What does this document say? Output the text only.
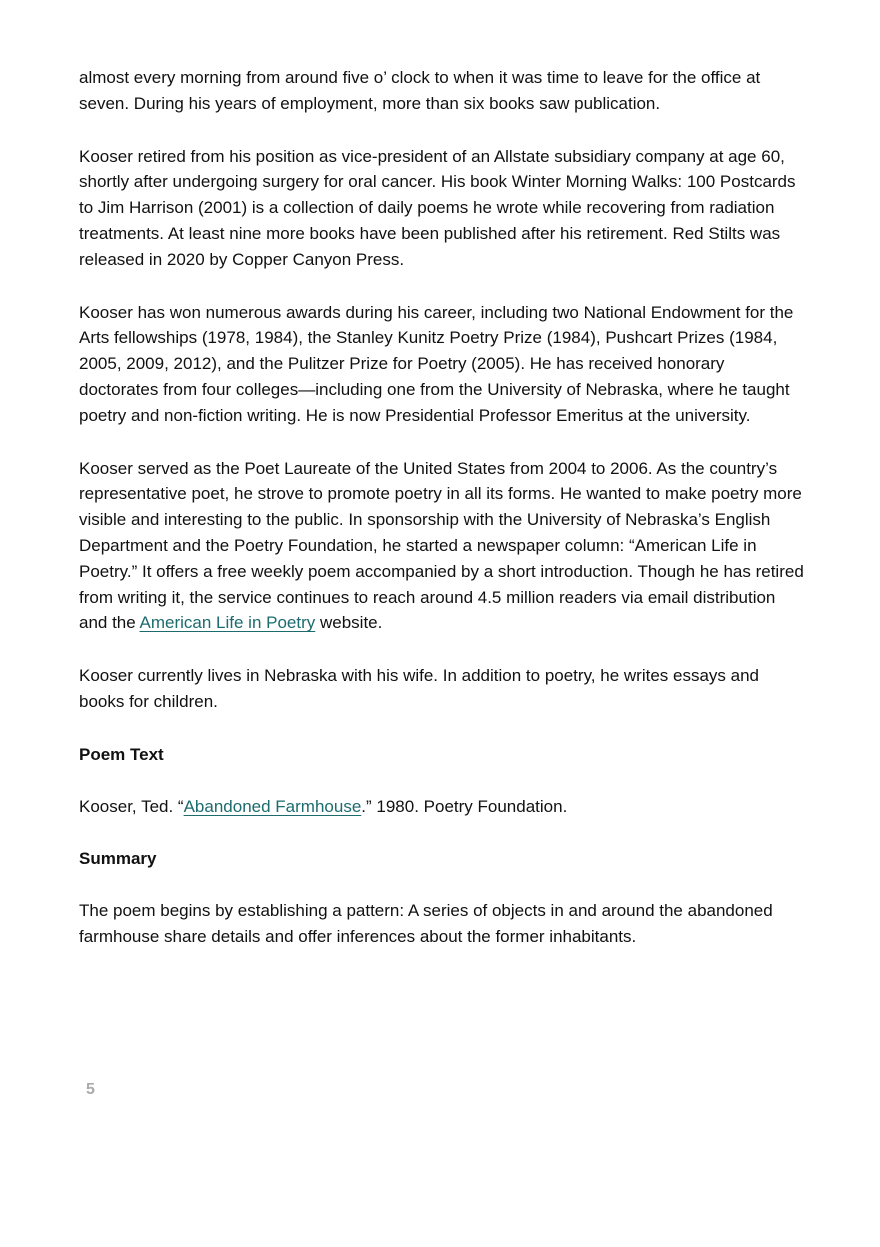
almost every morning from around five o’ clock to when it was time to leave for the office at seven. During his years of employment, more than six books saw publication.

Kooser retired from his position as vice-president of an Allstate subsidiary company at age 60, shortly after undergoing surgery for oral cancer. His book Winter Morning Walks: 100 Postcards to Jim Harrison (2001) is a collection of daily poems he wrote while recovering from radiation treatments. At least nine more books have been published after his retirement. Red Stilts was released in 2020 by Copper Canyon Press.

Kooser has won numerous awards during his career, including two National Endowment for the Arts fellowships (1978, 1984), the Stanley Kunitz Poetry Prize (1984), Pushcart Prizes (1984, 2005, 2009, 2012), and the Pulitzer Prize for Poetry (2005). He has received honorary doctorates from four colleges—including one from the University of Nebraska, where he taught poetry and non-fiction writing. He is now Presidential Professor Emeritus at the university.

Kooser served as the Poet Laureate of the United States from 2004 to 2006. As the country’s representative poet, he strove to promote poetry in all its forms. He wanted to make poetry more visible and interesting to the public. In sponsorship with the University of Nebraska’s English Department and the Poetry Foundation, he started a newspaper column: “American Life in Poetry.” It offers a free weekly poem accompanied by a short introduction. Though he has retired from writing it, the service continues to reach around 4.5 million readers via email distribution and the American Life in Poetry website.

Kooser currently lives in Nebraska with his wife. In addition to poetry, he writes essays and books for children.

Poem Text

Kooser, Ted. “Abandoned Farmhouse.” 1980. Poetry Foundation.

Summary

The poem begins by establishing a pattern: A series of objects in and around the abandoned farmhouse share details and offer inferences about the former inhabitants.

5
